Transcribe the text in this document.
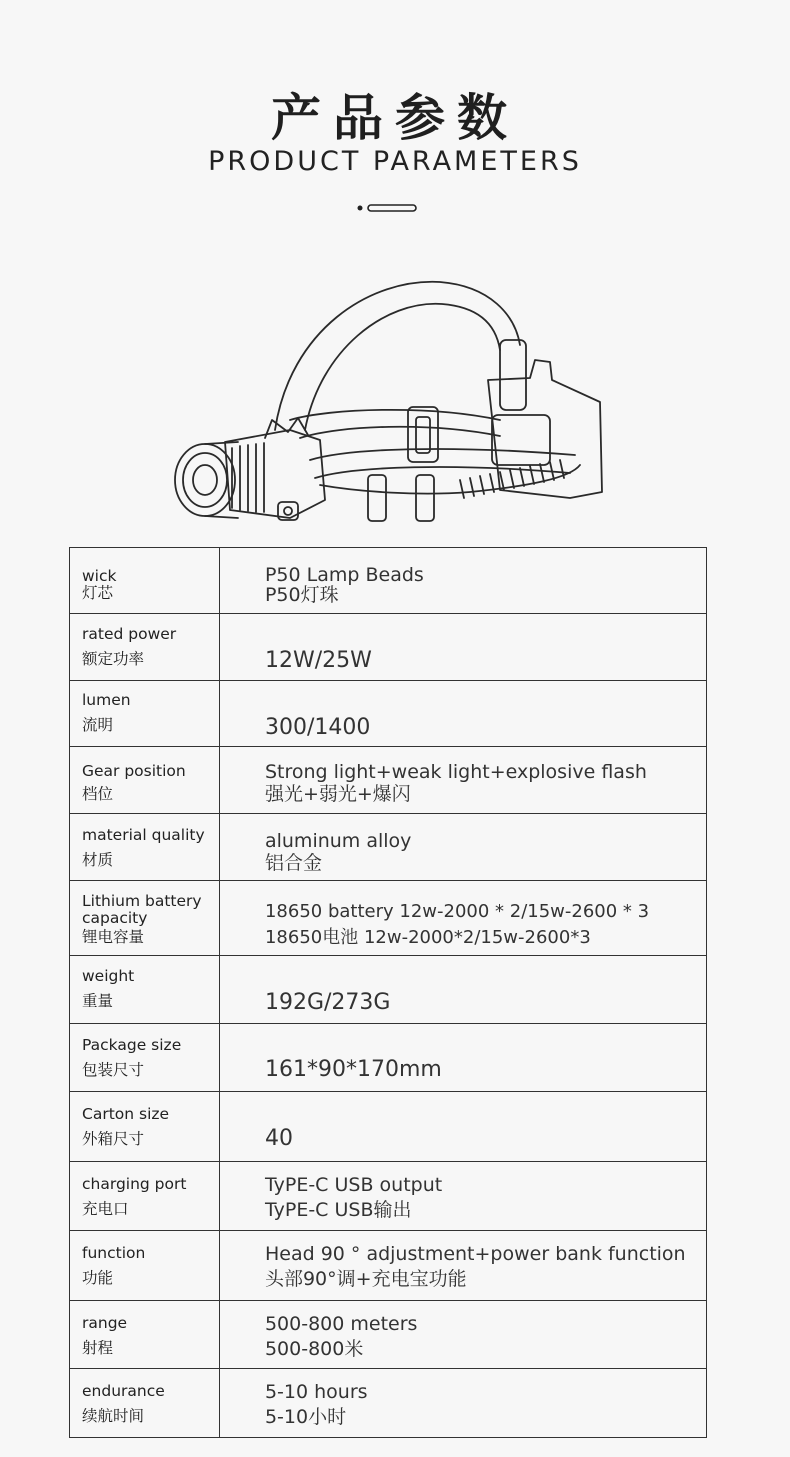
产品参数
PRODUCT PARAMETERS
wick
灯芯	P50 Lamp Beads
P50灯珠

rated power
额定功率	12W/25W

lumen
流明	300/1400

Gear position
档位	Strong light+weak light+explosive flash
强光+弱光+爆闪

material quality
材质	aluminum alloy
铝合金

Lithium battery capacity
锂电容量	18650 battery 12w-2000 * 2/15w-2600 * 3
18650电池 12w-2000*2/15w-2600*3

weight
重量	192G/273G

Package size
包装尺寸	161*90*170mm

Carton size
外箱尺寸	40

charging port
充电口	TyPE-C USB output
TyPE-C USB输出

function
功能	Head 90 ° adjustment+power bank function
头部90°调+充电宝功能

range
射程	500-800 meters
500-800米

endurance
续航时间	5-10 hours
5-10小时
